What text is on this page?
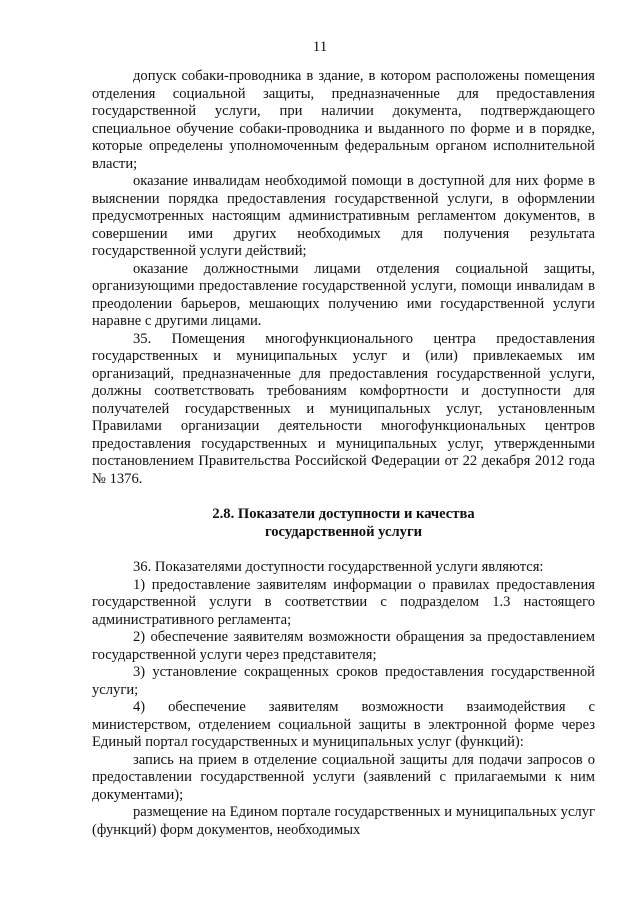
11

допуск собаки-проводника в здание, в котором расположены помещения отделения социальной защиты, предназначенные для предоставления государственной услуги, при наличии документа, подтверждающего специальное обучение собаки-проводника и выданного по форме и в порядке, которые определены уполномоченным федеральным органом исполнительной власти;

оказание инвалидам необходимой помощи в доступной для них форме в выяснении порядка предоставления государственной услуги, в оформлении предусмотренных настоящим административным регламентом документов, в совершении ими других необходимых для получения результата государственной услуги действий;

оказание должностными лицами отделения социальной защиты, организующими предоставление государственной услуги, помощи инвалидам в преодолении барьеров, мешающих получению ими государственной услуги наравне с другими лицами.

35. Помещения многофункционального центра предоставления государственных и муниципальных услуг и (или) привлекаемых им организаций, предназначенные для предоставления государственной услуги, должны соответствовать требованиям комфортности и доступности для получателей государственных и муниципальных услуг, установленным Правилами организации деятельности многофункциональных центров предоставления государственных и муниципальных услуг, утвержденными постановлением Правительства Российской Федерации от 22 декабря 2012 года № 1376.

2.8. Показатели доступности и качества
государственной услуги

36. Показателями доступности государственной услуги являются:

1) предоставление заявителям информации о правилах предоставления государственной услуги в соответствии с подразделом 1.3 настоящего административного регламента;

2) обеспечение заявителям возможности обращения за предоставлением государственной услуги через представителя;

3) установление сокращенных сроков предоставления государственной услуги;

4) обеспечение заявителям возможности взаимодействия с министерством, отделением социальной защиты в электронной форме через Единый портал государственных и муниципальных услуг (функций):

запись на прием в отделение социальной защиты для подачи запросов о предоставлении государственной услуги (заявлений с прилагаемыми к ним документами);

размещение на Едином портале государственных и муниципальных услуг (функций) форм документов, необходимых
